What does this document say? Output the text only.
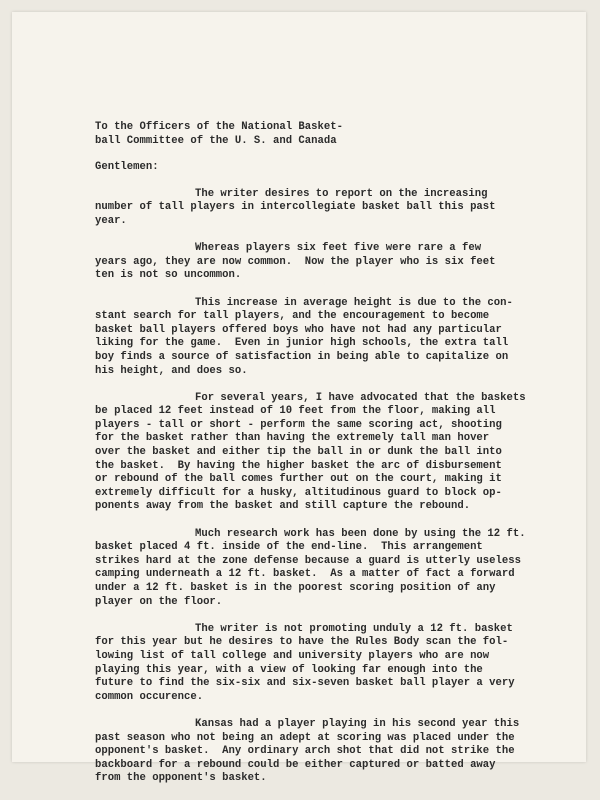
To the Officers of the National Basket-
ball Committee of the U. S. and Canada
Gentlemen:
The writer desires to report on the increasing
number of tall players in intercollegiate basket ball this past
year.
Whereas players six feet five were rare a few
years ago, they are now common.  Now the player who is six feet
ten is not so uncommon.
This increase in average height is due to the con-
stant search for tall players, and the encouragement to become
basket ball players offered boys who have not had any particular
liking for the game.  Even in junior high schools, the extra tall
boy finds a source of satisfaction in being able to capitalize on
his height, and does so.
For several years, I have advocated that the baskets
be placed 12 feet instead of 10 feet from the floor, making all
players - tall or short - perform the same scoring act, shooting
for the basket rather than having the extremely tall man hover
over the basket and either tip the ball in or dunk the ball into
the basket.  By having the higher basket the arc of disbursement
or rebound of the ball comes further out on the court, making it
extremely difficult for a husky, altitudinous guard to block op-
ponents away from the basket and still capture the rebound.
Much research work has been done by using the 12 ft.
basket placed 4 ft. inside of the end-line.  This arrangement
strikes hard at the zone defense because a guard is utterly useless
camping underneath a 12 ft. basket.  As a matter of fact a forward
under a 12 ft. basket is in the poorest scoring position of any
player on the floor.
The writer is not promoting unduly a 12 ft. basket
for this year but he desires to have the Rules Body scan the fol-
lowing list of tall college and university players who are now
playing this year, with a view of looking far enough into the
future to find the six-six and six-seven basket ball player a very
common occurence.
Kansas had a player playing in his second year this
past season who not being an adept at scoring was placed under the
opponent's basket.  Any ordinary arch shot that did not strike the
backboard for a rebound could be either captured or batted away
from the opponent's basket.
